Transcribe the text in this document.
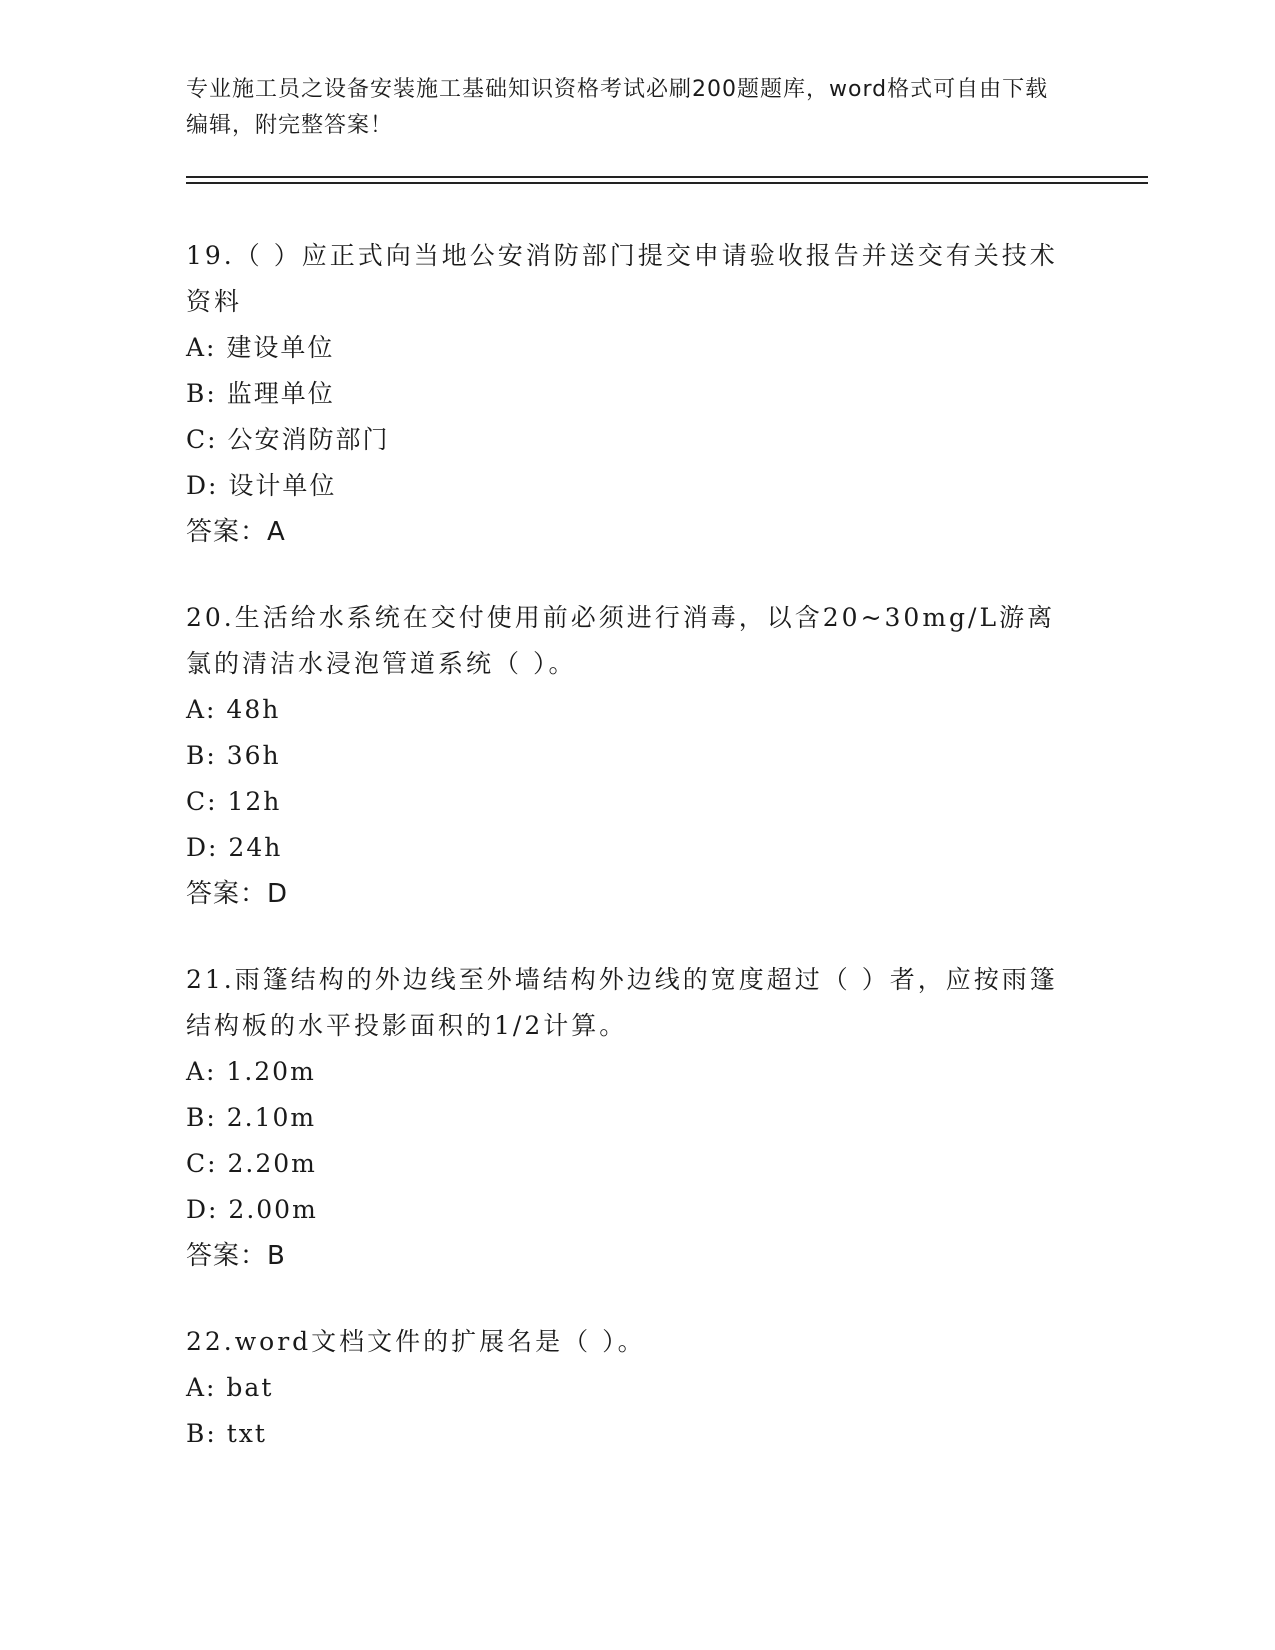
专业施工员之设备安装施工基础知识资格考试必刷200题题库，word格式可自由下载编辑，附完整答案！
19.（ ）应正式向当地公安消防部门提交申请验收报告并送交有关技术资料
A: 建设单位
B: 监理单位
C: 公安消防部门
D: 设计单位
答案：A
20.生活给水系统在交付使用前必须进行消毒，以含20~30mg/L游离氯的清洁水浸泡管道系统（ ）。
A: 48h
B: 36h
C: 12h
D: 24h
答案：D
21.雨篷结构的外边线至外墙结构外边线的宽度超过（ ）者，应按雨篷结构板的水平投影面积的1/2计算。
A: 1.20m
B: 2.10m
C: 2.20m
D: 2.00m
答案：B
22.word文档文件的扩展名是（ ）。
A: bat
B: txt
